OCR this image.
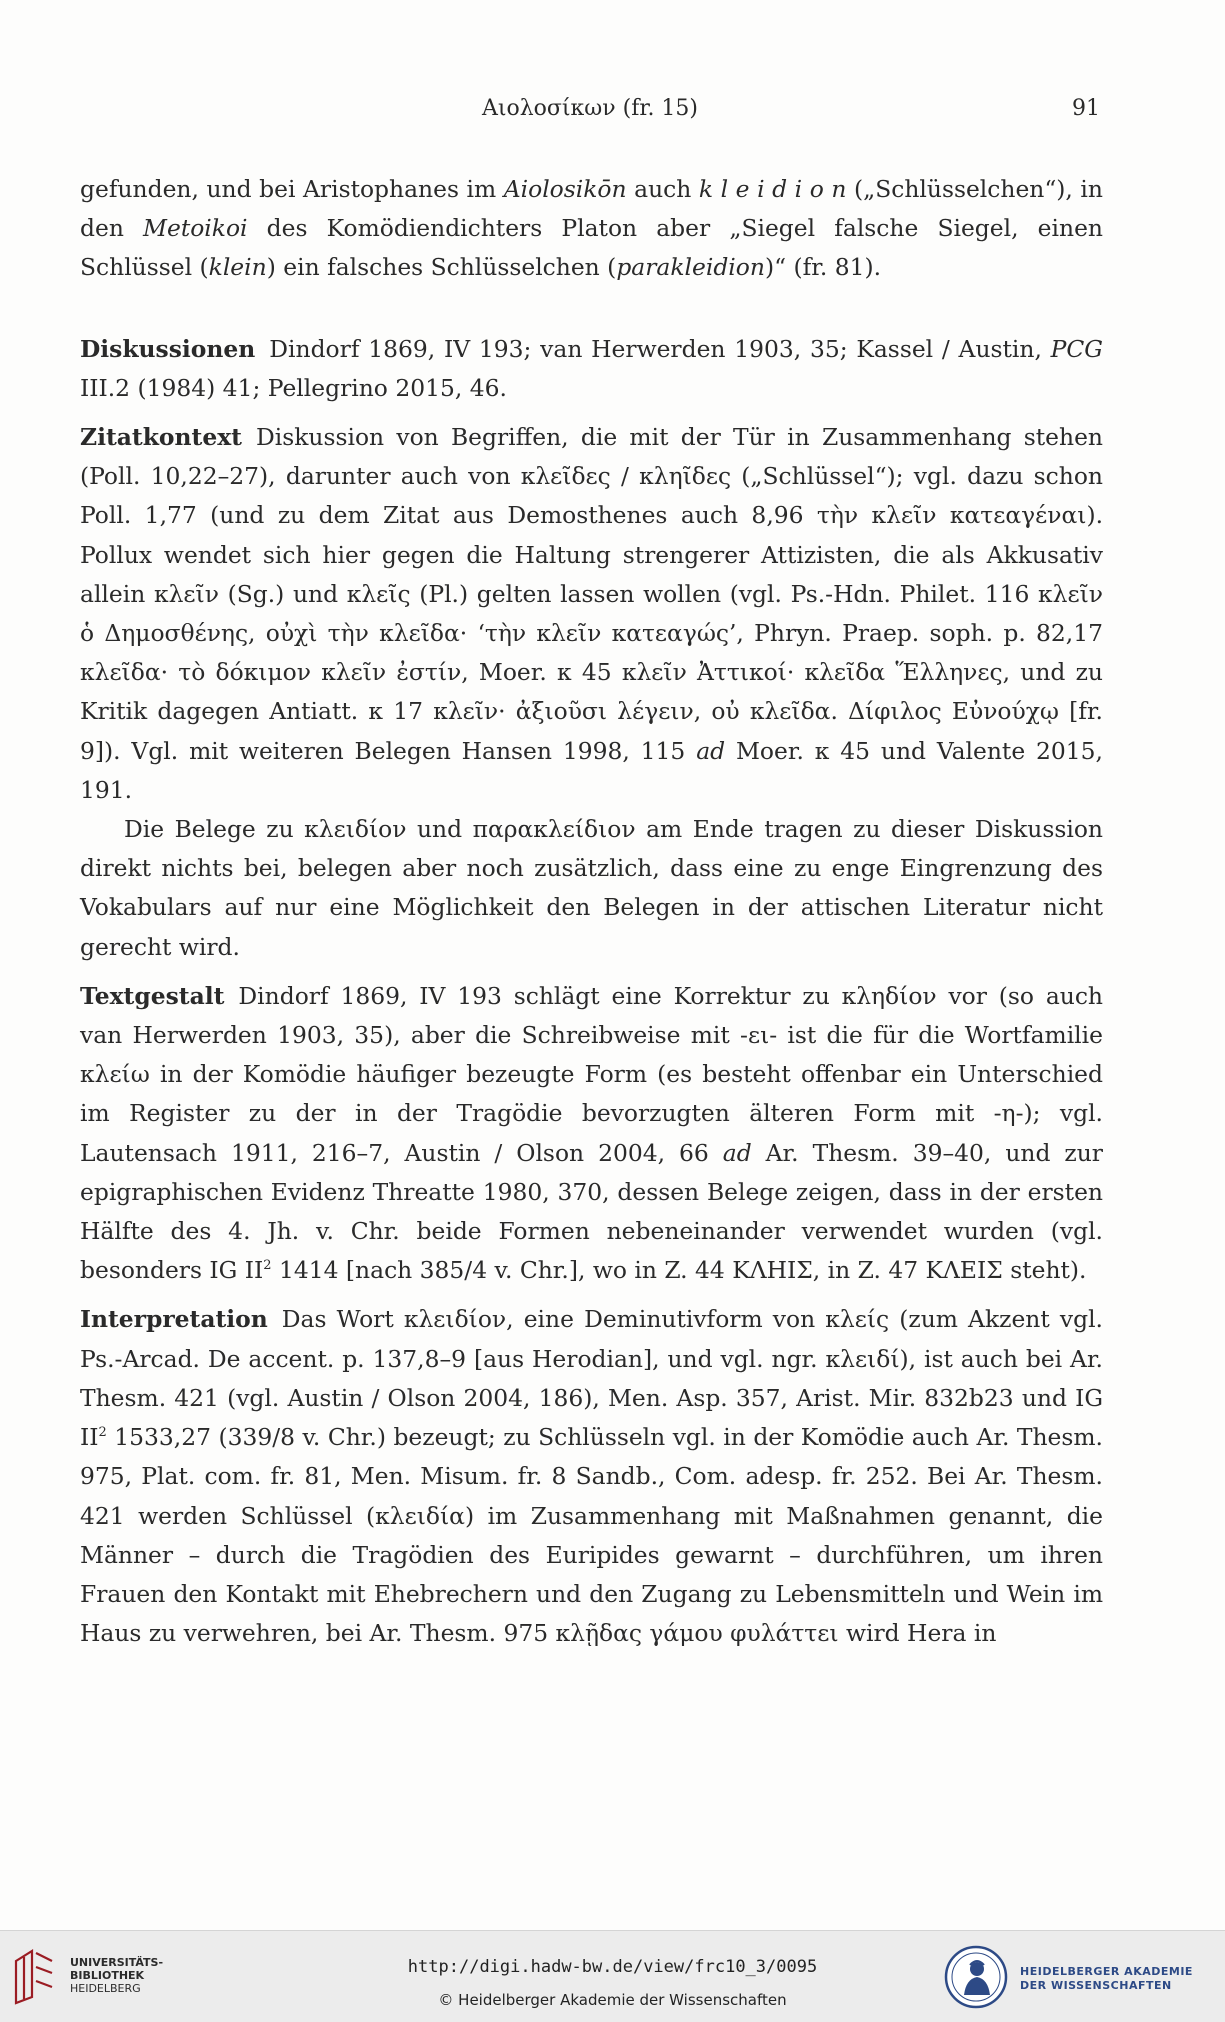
Αιολοσίκων (fr. 15)	91

gefunden, und bei Aristophanes im Aiolosikōn auch k l e i d i o n („Schlüsselchen“), in den Metoikoi des Komödiendichters Platon aber „Siegel falsche Siegel, einen Schlüssel (klein) ein falsches Schlüsselchen (parakleidion)“ (fr. 81).

Diskussionen Dindorf 1869, IV 193; van Herwerden 1903, 35; Kassel / Austin, PCG III.2 (1984) 41; Pellegrino 2015, 46.

Zitatkontext Diskussion von Begriffen, die mit der Tür in Zusammenhang stehen (Poll. 10,22–27), darunter auch von κλεῖδες / κληῖδες („Schlüssel“); vgl. dazu schon Poll. 1,77 (und zu dem Zitat aus Demosthenes auch 8,96 τὴν κλεῖν κατεαγέναι). Pollux wendet sich hier gegen die Haltung strengerer Attizisten, die als Akkusativ allein κλεῖν (Sg.) und κλεῖς (Pl.) gelten lassen wollen (vgl. Ps.-Hdn. Philet. 116 κλεῖν ὁ Δημοσθένης, οὐχὶ τὴν κλεῖδα· ‘τὴν κλεῖν κατεαγώς’, Phryn. Praep. soph. p. 82,17 κλεῖδα· τὸ δόκιμον κλεῖν ἐστίν, Moer. κ 45 κλεῖν Ἀττικοί· κλεῖδα Ἕλληνες, und zu Kritik dagegen Antiatt. κ 17 κλεῖν· ἀξιοῦσι λέγειν, οὐ κλεῖδα. Δίφιλος Εὐνούχῳ [fr. 9]). Vgl. mit weiteren Belegen Hansen 1998, 115 ad Moer. κ 45 und Valente 2015, 191.

Die Belege zu κλειδίον und παρακλείδιον am Ende tragen zu dieser Diskussion direkt nichts bei, belegen aber noch zusätzlich, dass eine zu enge Eingrenzung des Vokabulars auf nur eine Möglichkeit den Belegen in der attischen Literatur nicht gerecht wird.

Textgestalt Dindorf 1869, IV 193 schlägt eine Korrektur zu κληδίον vor (so auch van Herwerden 1903, 35), aber die Schreibweise mit -ει- ist die für die Wortfamilie κλείω in der Komödie häufiger bezeugte Form (es besteht offenbar ein Unterschied im Register zu der in der Tragödie bevorzugten älteren Form mit -η-); vgl. Lautensach 1911, 216–7, Austin / Olson 2004, 66 ad Ar. Thesm. 39–40, und zur epigraphischen Evidenz Threatte 1980, 370, dessen Belege zeigen, dass in der ersten Hälfte des 4. Jh. v. Chr. beide Formen nebeneinander verwendet wurden (vgl. besonders IG $II^2$ 1414 [nach 385/4 v. Chr.], wo in Z. 44 ΚΛΗΙΣ, in Z. 47 ΚΛΕΙΣ steht).

Interpretation Das Wort κλειδίον, eine Deminutivform von κλείς (zum Akzent vgl. Ps.-Arcad. De accent. p. 137,8–9 [aus Herodian], und vgl. ngr. κλειδί), ist auch bei Ar. Thesm. 421 (vgl. Austin / Olson 2004, 186), Men. Asp. 357, Arist. Mir. 832b23 und IG $II^2$ 1533,27 (339/8 v. Chr.) bezeugt; zu Schlüsseln vgl. in der Komödie auch Ar. Thesm. 975, Plat. com. fr. 81, Men. Misum. fr. 8 Sandb., Com. adesp. fr. 252. Bei Ar. Thesm. 421 werden Schlüssel (κλειδία) im Zusammenhang mit Maßnahmen genannt, die Männer – durch die Tragödien des Euripides gewarnt – durchführen, um ihren Frauen den Kontakt mit Ehebrechern und den Zugang zu Lebensmitteln und Wein im Haus zu verwehren, bei Ar. Thesm. 975 κλῇδας γάμου φυλάττει wird Hera in

UNIVERSITÄTS-
BIBLIOTHEK
HEIDELBERG
http://digi.hadw-bw.de/view/frc10_3/0095
© Heidelberger Akademie der Wissenschaften
HEIDELBERGER AKADEMIE
DER WISSENSCHAFTEN
